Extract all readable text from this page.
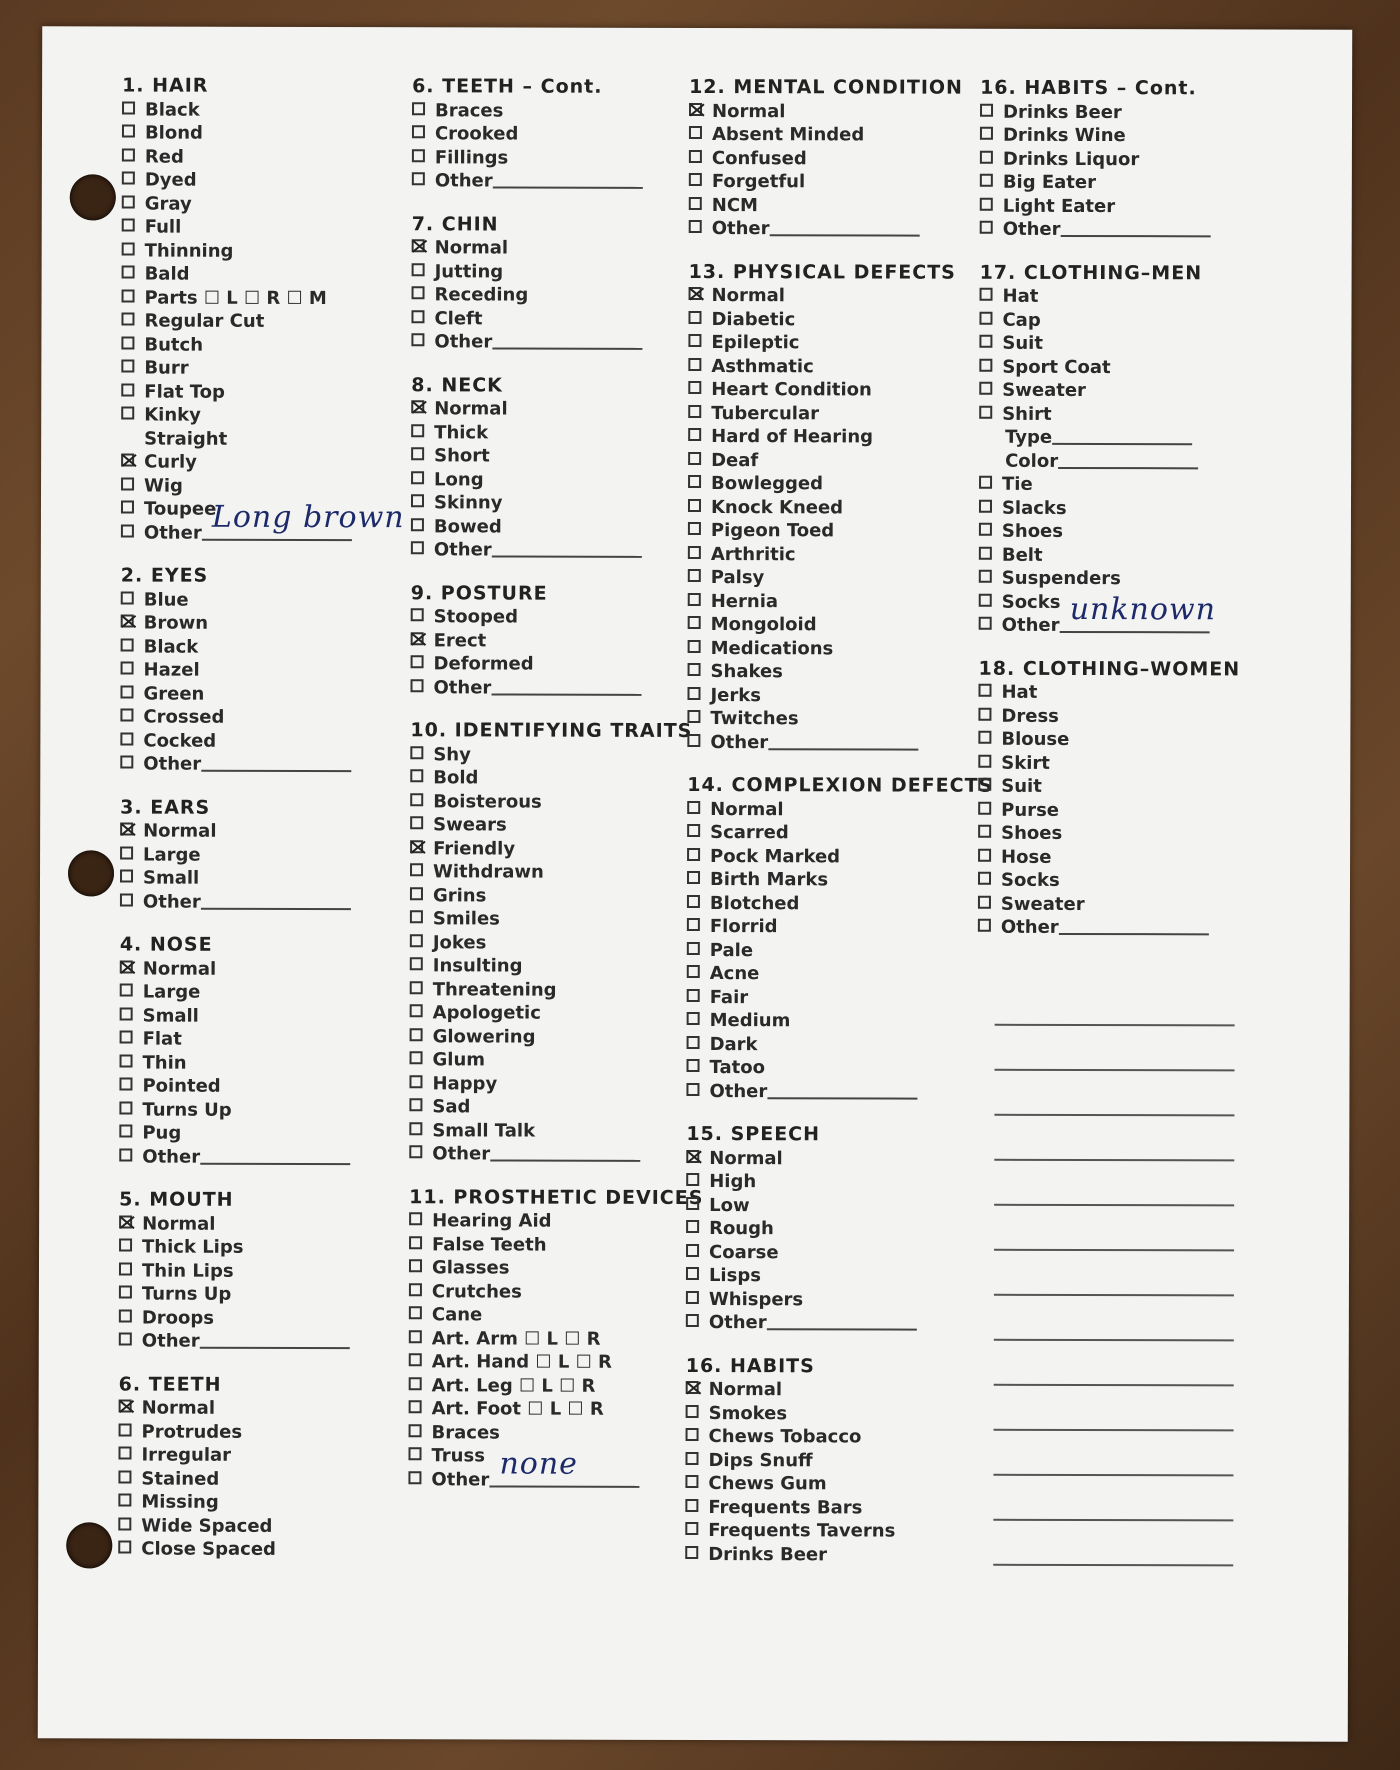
1. HAIR
Black
Blond
Red
Dyed
Gray
Full
Thinning
Bald
Parts ☐ L ☐ R ☐ M
Regular Cut
Butch
Burr
Flat Top
Kinky
Straight
Curly
Wig
Toupee
Other Long brown
2. EYES
Blue
Brown
Black
Hazel
Green
Crossed
Cocked
Other
3. EARS
Normal
Large
Small
Other
4. NOSE
Normal
Large
Small
Flat
Thin
Pointed
Turns Up
Pug
Other
5. MOUTH
Normal
Thick Lips
Thin Lips
Turns Up
Droops
Other
6. TEETH
Normal
Protrudes
Irregular
Stained
Missing
Wide Spaced
Close Spaced
6. TEETH – Cont.
Braces
Crooked
Fillings
Other
7. CHIN
Normal
Jutting
Receding
Cleft
Other
8. NECK
Normal
Thick
Short
Long
Skinny
Bowed
Other
9. POSTURE
Stooped
Erect
Deformed
Other
10. IDENTIFYING TRAITS
Shy
Bold
Boisterous
Swears
Friendly
Withdrawn
Grins
Smiles
Jokes
Insulting
Threatening
Apologetic
Glowering
Glum
Happy
Sad
Small Talk
Other
11. PROSTHETIC DEVICES
Hearing Aid
False Teeth
Glasses
Crutches
Cane
Art. Arm ☐ L ☐ R
Art. Hand ☐ L ☐ R
Art. Leg ☐ L ☐ R
Art. Foot ☐ L ☐ R
Braces
Truss
Other none
12. MENTAL CONDITION
Normal
Absent Minded
Confused
Forgetful
NCM
Other
13. PHYSICAL DEFECTS
Normal
Diabetic
Epileptic
Asthmatic
Heart Condition
Tubercular
Hard of Hearing
Deaf
Bowlegged
Knock Kneed
Pigeon Toed
Arthritic
Palsy
Hernia
Mongoloid
Medications
Shakes
Jerks
Twitches
Other
14. COMPLEXION DEFECTS
Normal
Scarred
Pock Marked
Birth Marks
Blotched
Florrid
Pale
Acne
Fair
Medium
Dark
Tatoo
Other
15. SPEECH
Normal
High
Low
Rough
Coarse
Lisps
Whispers
Other
16. HABITS
Normal
Smokes
Chews Tobacco
Dips Snuff
Chews Gum
Frequents Bars
Frequents Taverns
Drinks Beer
16. HABITS – Cont.
Drinks Beer
Drinks Wine
Drinks Liquor
Big Eater
Light Eater
Other
17. CLOTHING–MEN
Hat
Cap
Suit
Sport Coat
Sweater
Shirt
Type
Color
Tie
Slacks
Shoes
Belt
Suspenders
Socks
Other unknown
18. CLOTHING–WOMEN
Hat
Dress
Blouse
Skirt
Suit
Purse
Shoes
Hose
Socks
Sweater
Other
